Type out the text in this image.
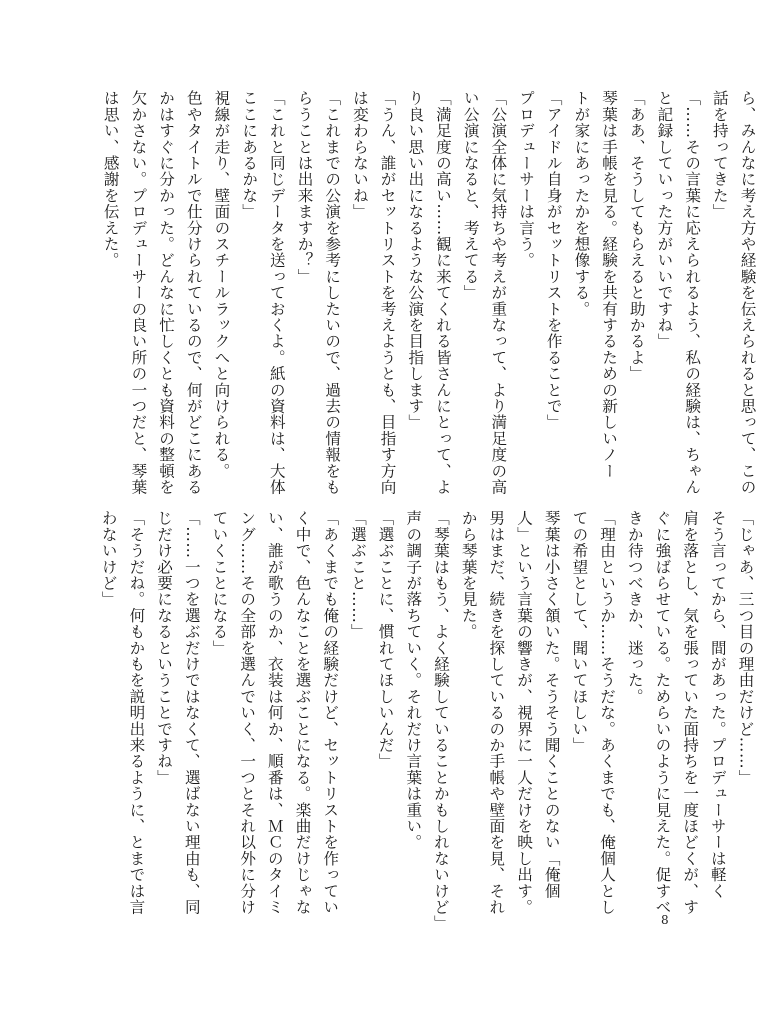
ら、みんなに考え方や経験を伝えられると思って、この
話を持ってきた」
「……その言葉に応えられるよう、私の経験は、ちゃん
と記録していった方がいいですね」
「ああ、そうしてもらえると助かるよ」
琴葉は手帳を見る。経験を共有するための新しいノー
トが家にあったかを想像する。
「アイドル自身がセットリストを作ることで」
プロデューサーは言う。
「公演全体に気持ちや考えが重なって、より満足度の高
い公演になると、考えてる」
「満足度の高い……観に来てくれる皆さんにとって、よ
り良い思い出になるような公演を目指します」
「うん、誰がセットリストを考えようとも、目指す方向
は変わらないね」
「これまでの公演を参考にしたいので、過去の情報をも
らうことは出来ますか？」
「これと同じデータを送っておくよ。紙の資料は、大体
ここにあるかな」
視線が走り、壁面のスチールラックへと向けられる。
色やタイトルで仕分けられているので、何がどこにある
かはすぐに分かった。どんなに忙しくとも資料の整頓を
欠かさない。プロデューサーの良い所の一つだと、琴葉
は思い、感謝を伝えた。
「じゃあ、三つ目の理由だけど……」
そう言ってから、間があった。プロデューサーは軽く
肩を落とし、気を張っていた面持ちを一度ほどくが、す
ぐに強ばらせている。ためらいのように見えた。促すべ
きか待つべきか、迷った。
「理由というか……そうだな。あくまでも、俺個人とし
ての希望として、聞いてほしい」
琴葉は小さく頷いた。そうそう聞くことのない「俺個
人」という言葉の響きが、視界に一人だけを映し出す。
男はまだ、続きを探しているのか手帳や壁面を見、それ
から琴葉を見た。
「琴葉はもう、よく経験していることかもしれないけど」
声の調子が落ちていく。それだけ言葉は重い。
「選ぶことに、慣れてほしいんだ」
「選ぶこと……」
「あくまでも俺の経験だけど、セットリストを作ってい
く中で、色んなことを選ぶことになる。楽曲だけじゃな
い、誰が歌うのか、衣装は何か、順番は、ＭＣのタイミ
ング……その全部を選んでいく、一つとそれ以外に分け
ていくことになる」
「……一つを選ぶだけではなくて、選ばない理由も、同
じだけ必要になるということですね」
「そうだね。何もかもを説明出来るように、とまでは言
わないけど」
8
